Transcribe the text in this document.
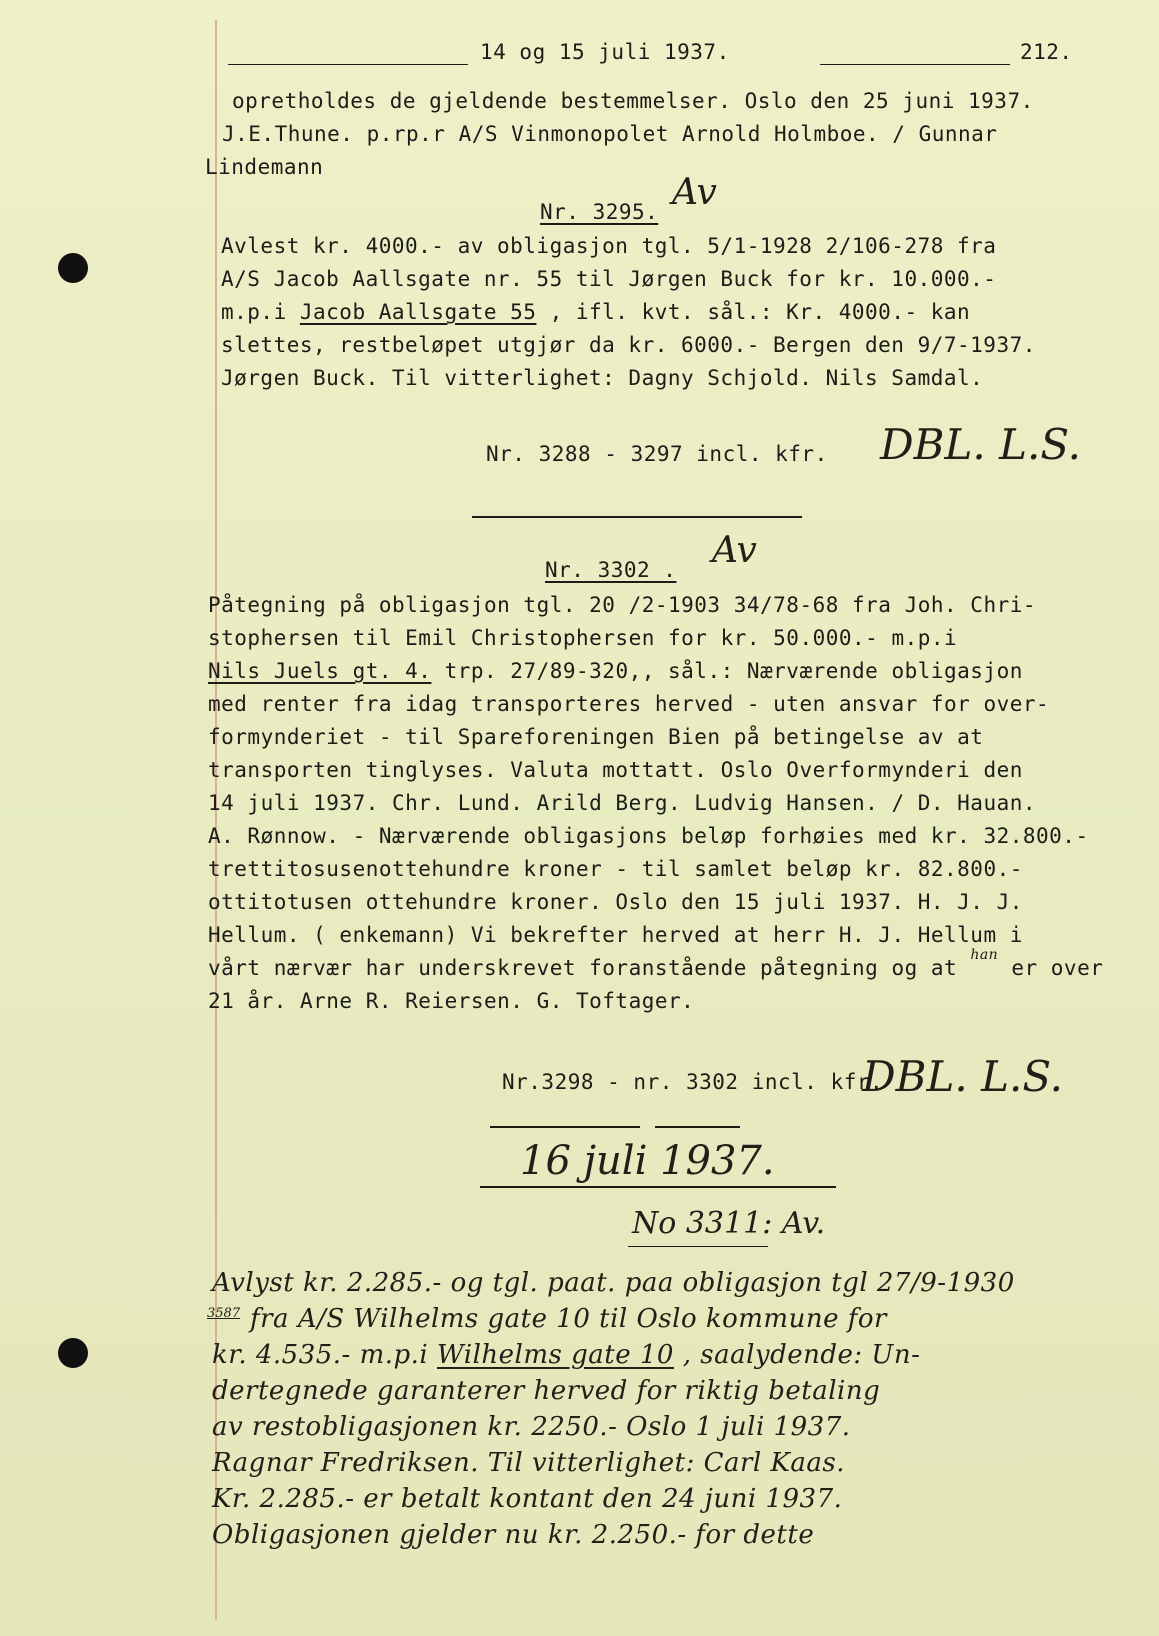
14 og 15 juli 1937.	212.
opretholdes de gjeldende bestemmelser. Oslo den 25 juni 1937.
J.E.Thune. p.rp.r A/S Vinmonopolet Arnold Holmboe. / Gunnar
Lindemann
Nr. 3295. Av
Avlest kr. 4000.- av obligasjon tgl. 5/1-1928 2/106-278 fra
A/S Jacob Aallsgate nr. 55 til Jørgen Buck for kr. 10.000.-
m.p.i Jacob Aallsgate 55 , ifl. kvt. sål.: Kr. 4000.- kan
slettes, restbeløpet utgjør da kr. 6000.- Bergen den 9/7-1937.
Jørgen Buck. Til vitterlighet: Dagny Schjold. Nils Samdal.
Nr. 3288 - 3297 incl. kfr. DBL. L.S.
Nr. 3302 . Av
Påtegning på obligasjon tgl. 20 /2-1903 34/78-68 fra Joh. Chri-
stophersen til Emil Christophersen for kr. 50.000.- m.p.i
Nils Juels gt. 4. trp. 27/89-320,, sål.: Nærværende obligasjon
med renter fra idag transporteres herved - uten ansvar for over-
formynderiet - til Spareforeningen Bien på betingelse av at
transporten tinglyses. Valuta mottatt. Oslo Overformynderi den
14 juli 1937. Chr. Lund. Arild Berg. Ludvig Hansen. / D. Hauan.
A. Rønnow. - Nærværende obligasjons beløp forhøies med kr. 32.800.-
trettitosusenottehundre kroner - til samlet beløp kr. 82.800.-
ottitotusen ottehundre kroner. Oslo den 15 juli 1937. H. J. J.
Hellum. ( enkemann) Vi bekrefter herved at herr H. J. Hellum i
vårt nærvær har underskrevet foranstående påtegning og at $^{han}$ er over
21 år. Arne R. Reiersen. G. Toftager.
Nr.3298 - nr. 3302 incl. kfr.
DBL. L.S.
16 juli 1937.
No 3311: Av.
3587
Avlyst kr. 2.285.- og tgl. paat. paa obligasjon tgl 27/9-1930
fra A/S Wilhelms gate 10 til Oslo kommune for
kr. 4.535.- m.p.i Wilhelms gate 10 , saalydende: Un-
dertegnede garanterer herved for riktig betaling
av restobligasjonen kr. 2250.- Oslo 1 juli 1937.
Ragnar Fredriksen. Til vitterlighet: Carl Kaas.
Kr. 2.285.- er betalt kontant den 24 juni 1937.
Obligasjonen gjelder nu kr. 2.250.- for dette
